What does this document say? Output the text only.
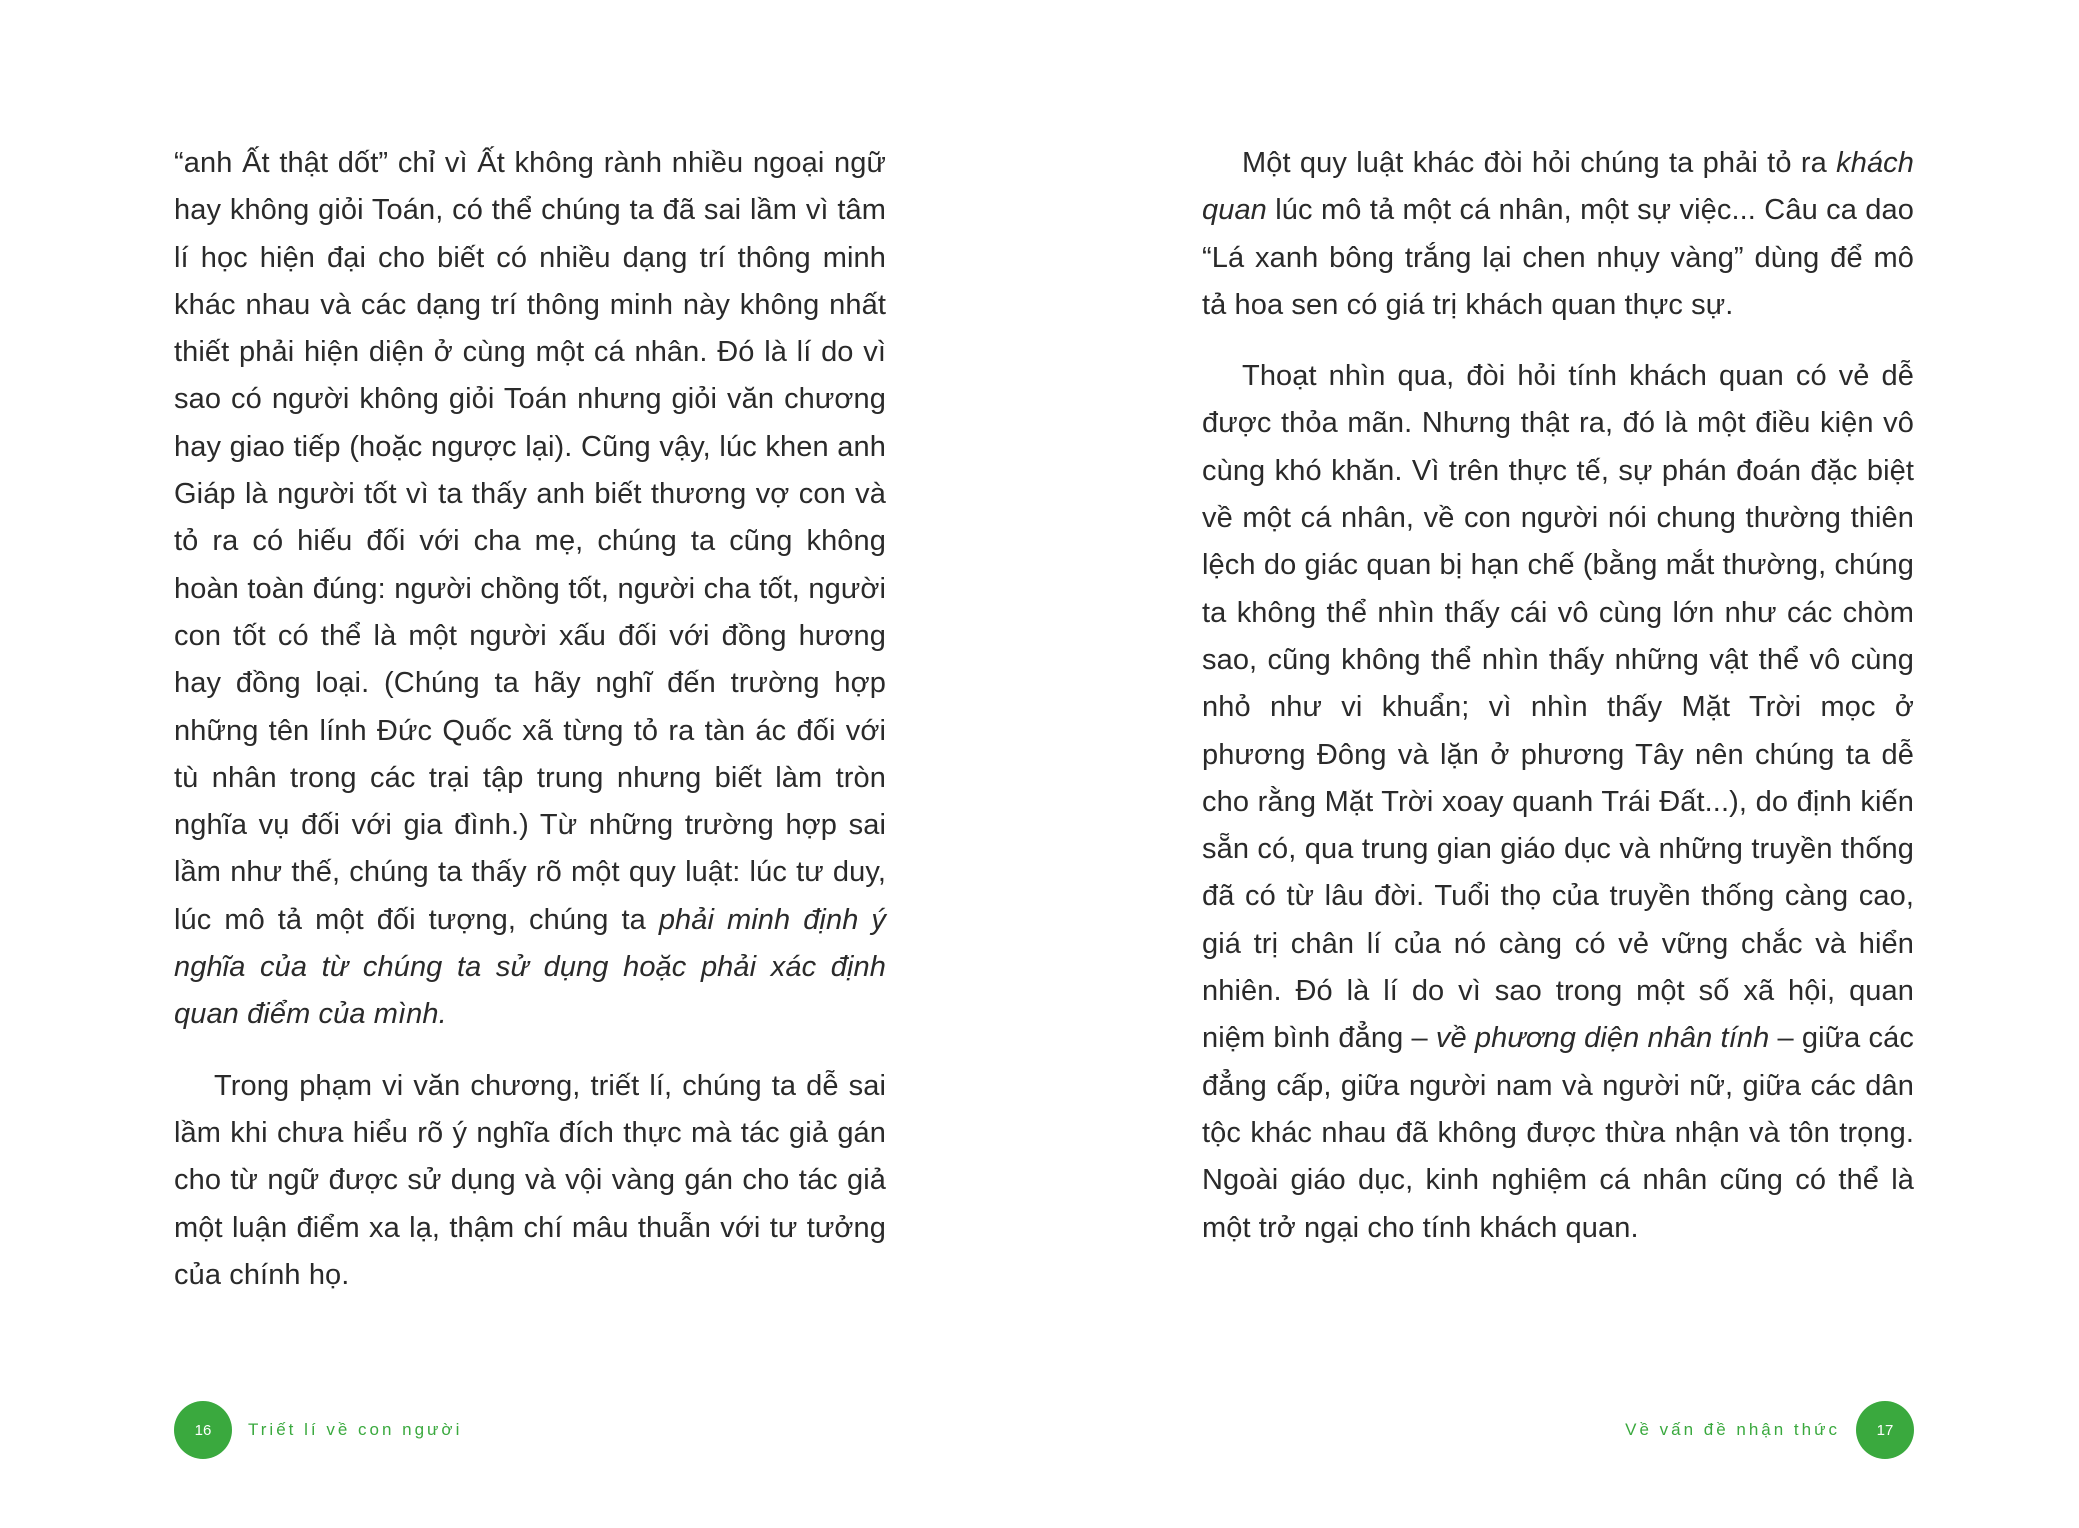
“anh Ất thật dốt” chỉ vì Ất không rành nhiều ngoại ngữ hay không giỏi Toán, có thể chúng ta đã sai lầm vì tâm lí học hiện đại cho biết có nhiều dạng trí thông minh khác nhau và các dạng trí thông minh này không nhất thiết phải hiện diện ở cùng một cá nhân. Đó là lí do vì sao có người không giỏi Toán nhưng giỏi văn chương hay giao tiếp (hoặc ngược lại). Cũng vậy, lúc khen anh Giáp là người tốt vì ta thấy anh biết thương vợ con và tỏ ra có hiếu đối với cha mẹ, chúng ta cũng không hoàn toàn đúng: người chồng tốt, người cha tốt, người con tốt có thể là một người xấu đối với đồng hương hay đồng loại. (Chúng ta hãy nghĩ đến trường hợp những tên lính Đức Quốc xã từng tỏ ra tàn ác đối với tù nhân trong các trại tập trung nhưng biết làm tròn nghĩa vụ đối với gia đình.) Từ những trường hợp sai lầm như thế, chúng ta thấy rõ một quy luật: lúc tư duy, lúc mô tả một đối tượng, chúng ta phải minh định ý nghĩa của từ chúng ta sử dụng hoặc phải xác định quan điểm của mình.

Trong phạm vi văn chương, triết lí, chúng ta dễ sai lầm khi chưa hiểu rõ ý nghĩa đích thực mà tác giả gán cho từ ngữ được sử dụng và vội vàng gán cho tác giả một luận điểm xa lạ, thậm chí mâu thuẫn với tư tưởng của chính họ.

Một quy luật khác đòi hỏi chúng ta phải tỏ ra khách quan lúc mô tả một cá nhân, một sự việc... Câu ca dao “Lá xanh bông trắng lại chen nhụy vàng” dùng để mô tả hoa sen có giá trị khách quan thực sự.

Thoạt nhìn qua, đòi hỏi tính khách quan có vẻ dễ được thỏa mãn. Nhưng thật ra, đó là một điều kiện vô cùng khó khăn. Vì trên thực tế, sự phán đoán đặc biệt về một cá nhân, về con người nói chung thường thiên lệch do giác quan bị hạn chế (bằng mắt thường, chúng ta không thể nhìn thấy cái vô cùng lớn như các chòm sao, cũng không thể nhìn thấy những vật thể vô cùng nhỏ như vi khuẩn; vì nhìn thấy Mặt Trời mọc ở phương Đông và lặn ở phương Tây nên chúng ta dễ cho rằng Mặt Trời xoay quanh Trái Đất...), do định kiến sẵn có, qua trung gian giáo dục và những truyền thống đã có từ lâu đời. Tuổi thọ của truyền thống càng cao, giá trị chân lí của nó càng có vẻ vững chắc và hiển nhiên. Đó là lí do vì sao trong một số xã hội, quan niệm bình đẳng – về phương diện nhân tính – giữa các đẳng cấp, giữa người nam và người nữ, giữa các dân tộc khác nhau đã không được thừa nhận và tôn trọng. Ngoài giáo dục, kinh nghiệm cá nhân cũng có thể là một trở ngại cho tính khách quan.

16	Triết lí về con người	Về vấn đề nhận thức	17
